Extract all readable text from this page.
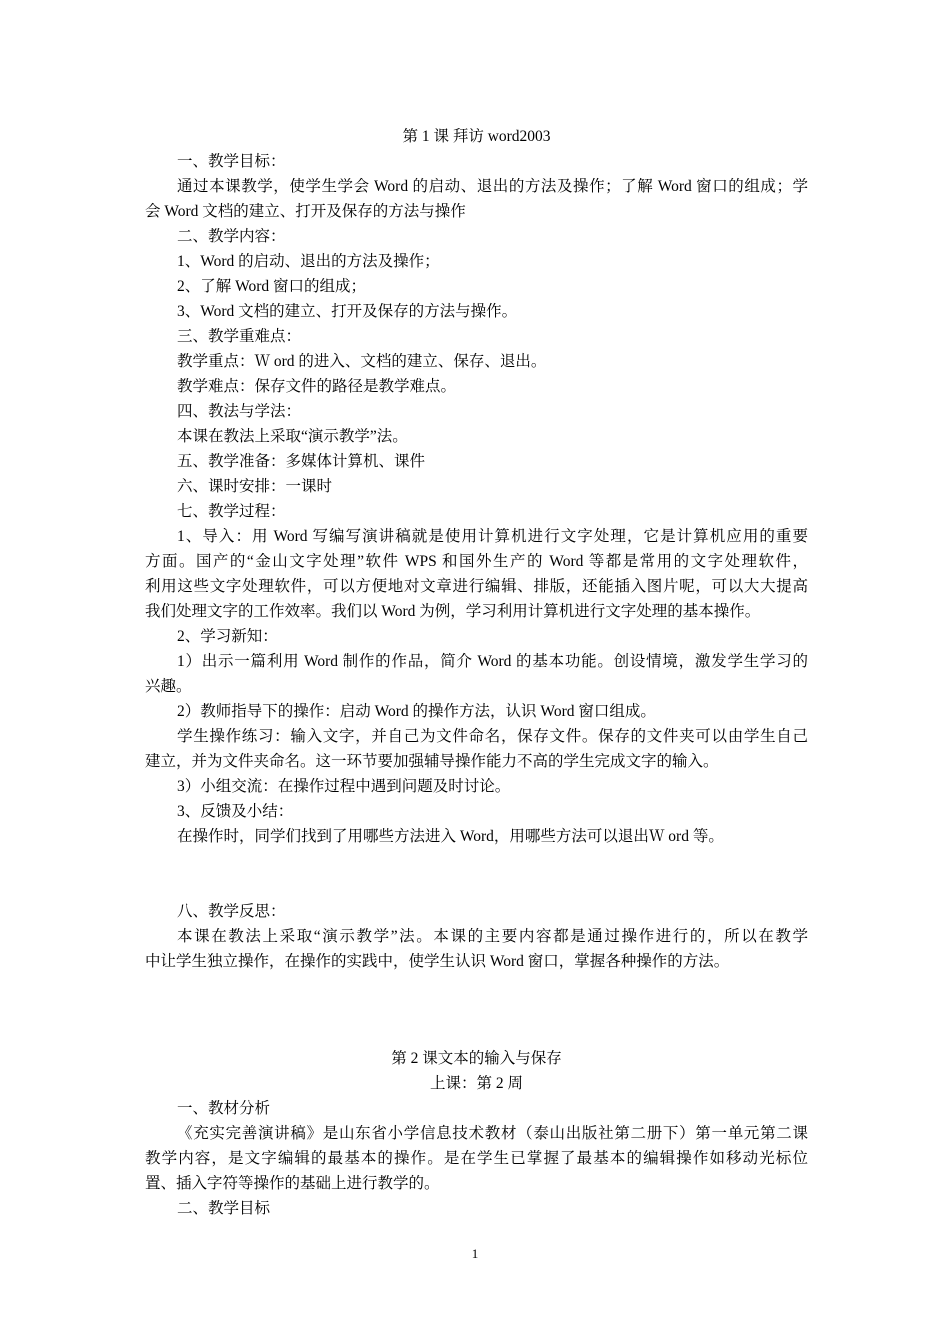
第 1 课 拜访 word2003
一、教学目标：
通过本课教学，使学生学会 Word 的启动、退出的方法及操作；了解 Word 窗口的组成；学
会 Word 文档的建立、打开及保存的方法与操作
二、教学内容：
1、Word 的启动、退出的方法及操作；
2、了解 Word 窗口的组成；
3、Word 文档的建立、打开及保存的方法与操作。
三、教学重难点：
教学重点：Ｗ ord 的进入、文档的建立、保存、退出。
教学难点：保存文件的路径是教学难点。
四、教法与学法：
本课在教法上采取“演示教学”法。
五、教学准备：多媒体计算机、课件
六、课时安排：一课时
七、教学过程：
1、导入：用 Word 写编写演讲稿就是使用计算机进行文字处理，它是计算机应用的重要
方面。国产的“金山文字处理”软件 WPS 和国外生产的 Word 等都是常用的文字处理软件，
利用这些文字处理软件，可以方便地对文章进行编辑、排版，还能插入图片呢，可以大大提高
我们处理文字的工作效率。我们以 Word 为例，学习利用计算机进行文字处理的基本操作。
2、学习新知：
1）出示一篇利用 Word 制作的作品，简介 Word 的基本功能。创设情境，激发学生学习的
兴趣。
2）教师指导下的操作：启动 Word 的操作方法，认识 Word 窗口组成。
学生操作练习：输入文字，并自己为文件命名，保存文件。保存的文件夹可以由学生自己
建立，并为文件夹命名。这一环节要加强辅导操作能力不高的学生完成文字的输入。
3）小组交流：在操作过程中遇到问题及时讨论。
3、反馈及小结：
在操作时，同学们找到了用哪些方法进入 Word，用哪些方法可以退出Ｗ ord 等。
八、教学反思：
本课在教法上采取“演示教学”法。本课的主要内容都是通过操作进行的，所以在教学
中让学生独立操作，在操作的实践中，使学生认识 Word 窗口，掌握各种操作的方法。
第 2 课文本的输入与保存
上课：第 2 周
一、教材分析
《充实完善演讲稿》是山东省小学信息技术教材（泰山出版社第二册下）第一单元第二课
教学内容，是文字编辑的最基本的操作。是在学生已掌握了最基本的编辑操作如移动光标位
置、插入字符等操作的基础上进行教学的。
二、教学目标
1
